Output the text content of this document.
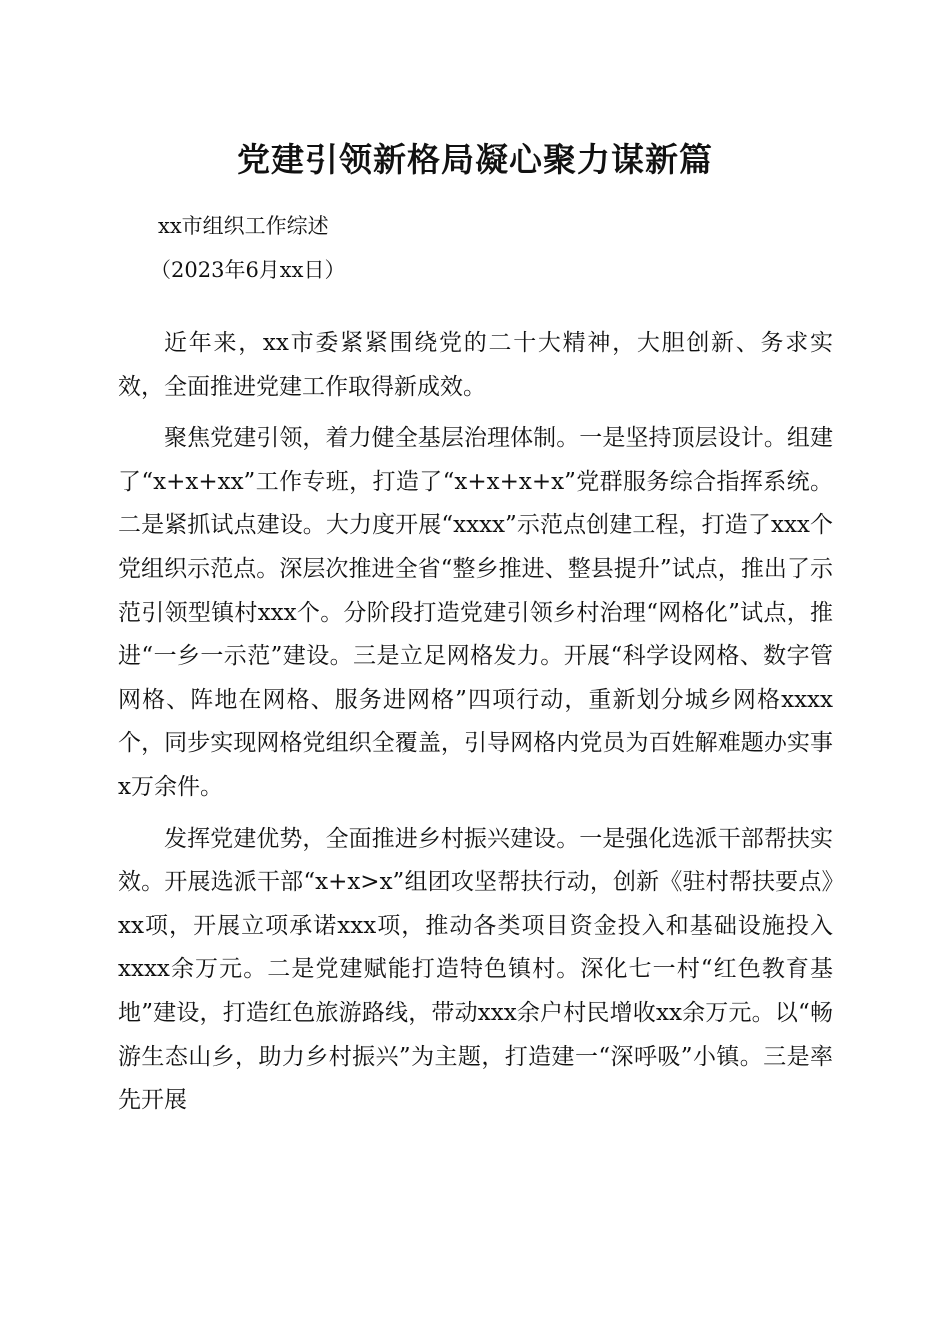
党建引领新格局凝心聚力谋新篇
xx市组织工作综述
（2023年6月xx日）

近年来，xx市委紧紧围绕党的二十大精神，大胆创新、务求实效，全面推进党建工作取得新成效。

聚焦党建引领，着力健全基层治理体制。一是坚持顶层设计。组建了“x+x+xx”工作专班，打造了“x+x+x+x”党群服务综合指挥系统。二是紧抓试点建设。大力度开展“xxxx”示范点创建工程，打造了xxx个党组织示范点。深层次推进全省“整乡推进、整县提升”试点，推出了示范引领型镇村xxx个。分阶段打造党建引领乡村治理“网格化”试点，推进“一乡一示范”建设。三是立足网格发力。开展“科学设网格、数字管网格、阵地在网格、服务进网格”四项行动，重新划分城乡网格xxxx个，同步实现网格党组织全覆盖，引导网格内党员为百姓解难题办实事x万余件。

发挥党建优势，全面推进乡村振兴建设。一是强化选派干部帮扶实效。开展选派干部“x+x>x”组团攻坚帮扶行动，创新《驻村帮扶要点》xx项，开展立项承诺xxx项，推动各类项目资金投入和基础设施投入xxxx余万元。二是党建赋能打造特色镇村。深化七一村“红色教育基地”建设，打造红色旅游路线，带动xxx余户村民增收xx余万元。以“畅游生态山乡，助力乡村振兴”为主题，打造建一“深呼吸”小镇。三是率先开展
